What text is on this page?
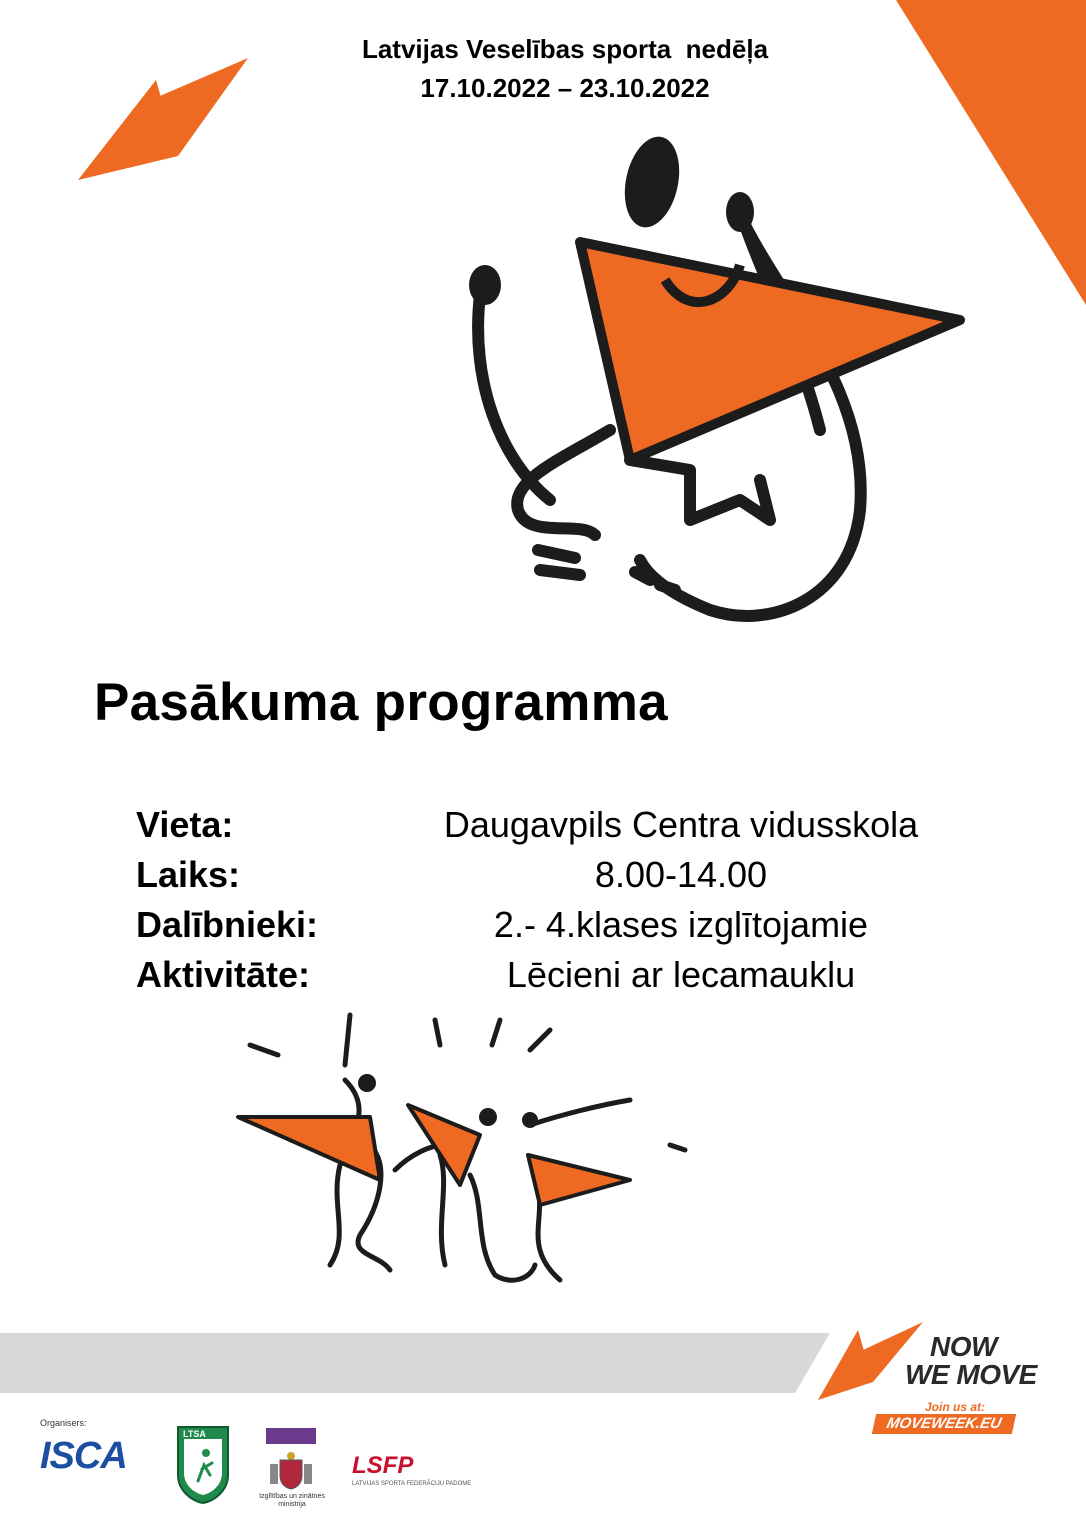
Latvijas Veselības sporta  nedēļa
17.10.2022 – 23.10.2022
Pasākuma programma
Vieta:	Daugavpils Centra vidusskola
Laiks:	8.00-14.00
Dalībnieki:	2.- 4.klases izglītojamie
Aktivitāte:	Lēcieni ar lecamauklu
NOW
WE MOVE
Join us at:
MOVEWEEK.EU
Organisers:
ISCA
LTSA
Izglītības un zinātnes ministrija
LSFP
LATVIJAS SPORTA FEDERĀCIJU PADOME
